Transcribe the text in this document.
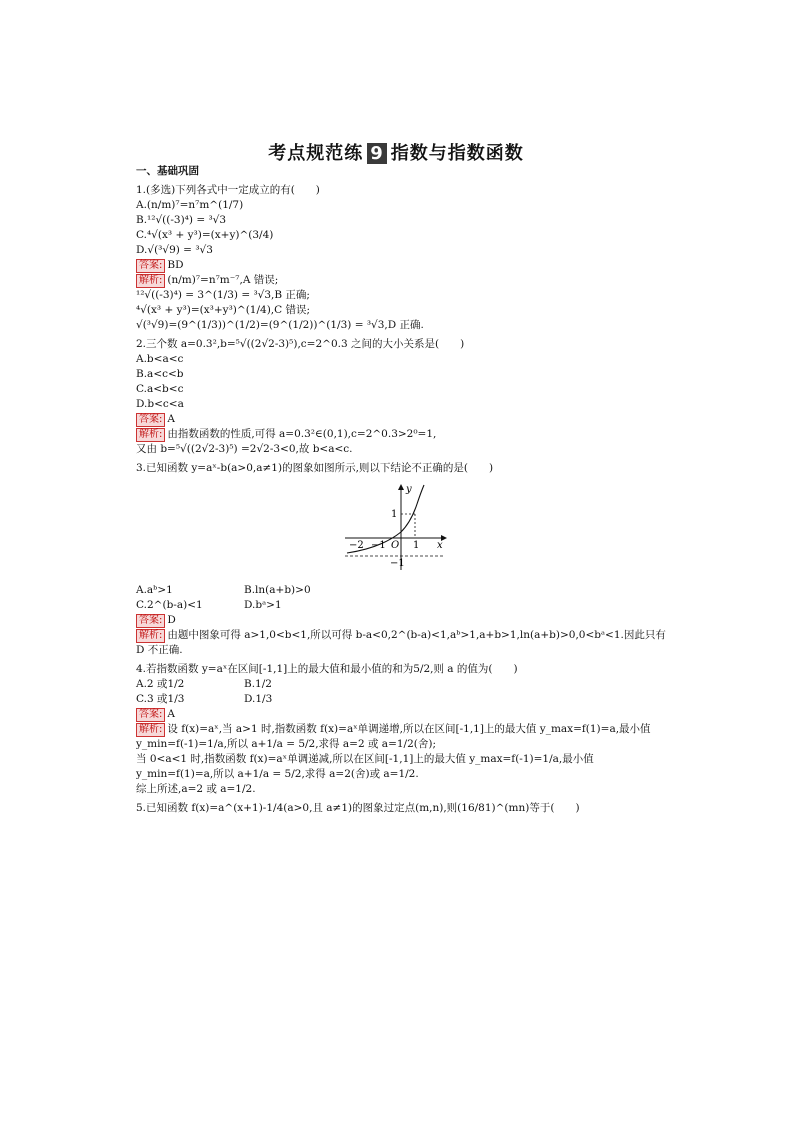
考点规范练 9 指数与指数函数
一、基础巩固
1.(多选)下列各式中一定成立的有(　　)
A.(n/m)⁷=n⁷m^(1/7)
B.¹²√((-3)⁴) = ³√3
C.⁴√(x³ + y³)=(x+y)^(3/4)
D.√(³√9) = ³√3
答案: BD
解析: (n/m)⁷=n⁷m⁻⁷,A 错误;
¹²√((-3)⁴) = 3^(1/3) = ³√3,B 正确;
⁴√(x³ + y³)=(x³+y³)^(1/4),C 错误;
√(³√9)=(9^(1/3))^(1/2)=(9^(1/2))^(1/3) = ³√3,D 正确.
2.三个数 a=0.3²,b=⁵√((2√2-3)⁵),c=2^0.3 之间的大小关系是(　　)
A.b<a<c
B.a<c<b
C.a<b<c
D.b<c<a
答案: A
解析: 由指数函数的性质,可得 a=0.3²∈(0,1),c=2^0.3>2⁰=1,
又由 b=⁵√((2√2-3)⁵) =2√2-3<0,故 b<a<c.
3.已知函数 y=aˣ-b(a>0,a≠1)的图象如图所示,则以下结论不正确的是(　　)
y
x
O
1
−1
−2 −1	1
A.aᵇ>1	B.ln(a+b)>0
C.2^(b-a)<1	D.bᵃ>1
答案: D
解析: 由题中图象可得 a>1,0<b<1,所以可得 b-a<0,2^(b-a)<1,aᵇ>1,a+b>1,ln(a+b)>0,0<bᵃ<1.因此只有 D 不正确.
4.若指数函数 y=aˣ在区间[-1,1]上的最大值和最小值的和为5/2,则 a 的值为(　　)
A.2 或1/2	B.1/2
C.3 或1/3	D.1/3
答案: A
解析: 设 f(x)=aˣ,当 a>1 时,指数函数 f(x)=aˣ单调递增,所以在区间[-1,1]上的最大值 y_max=f(1)=a,最小值 y_min=f(-1)=1/a,所以 a+1/a = 5/2,求得 a=2 或 a=1/2(舍);
当 0<a<1 时,指数函数 f(x)=aˣ单调递减,所以在区间[-1,1]上的最大值 y_max=f(-1)=1/a,最小值 y_min=f(1)=a,所以 a+1/a = 5/2,求得 a=2(舍)或 a=1/2.
综上所述,a=2 或 a=1/2.
5.已知函数 f(x)=a^(x+1)-1/4(a>0,且 a≠1)的图象过定点(m,n),则(16/81)^(mn)等于(　　)
